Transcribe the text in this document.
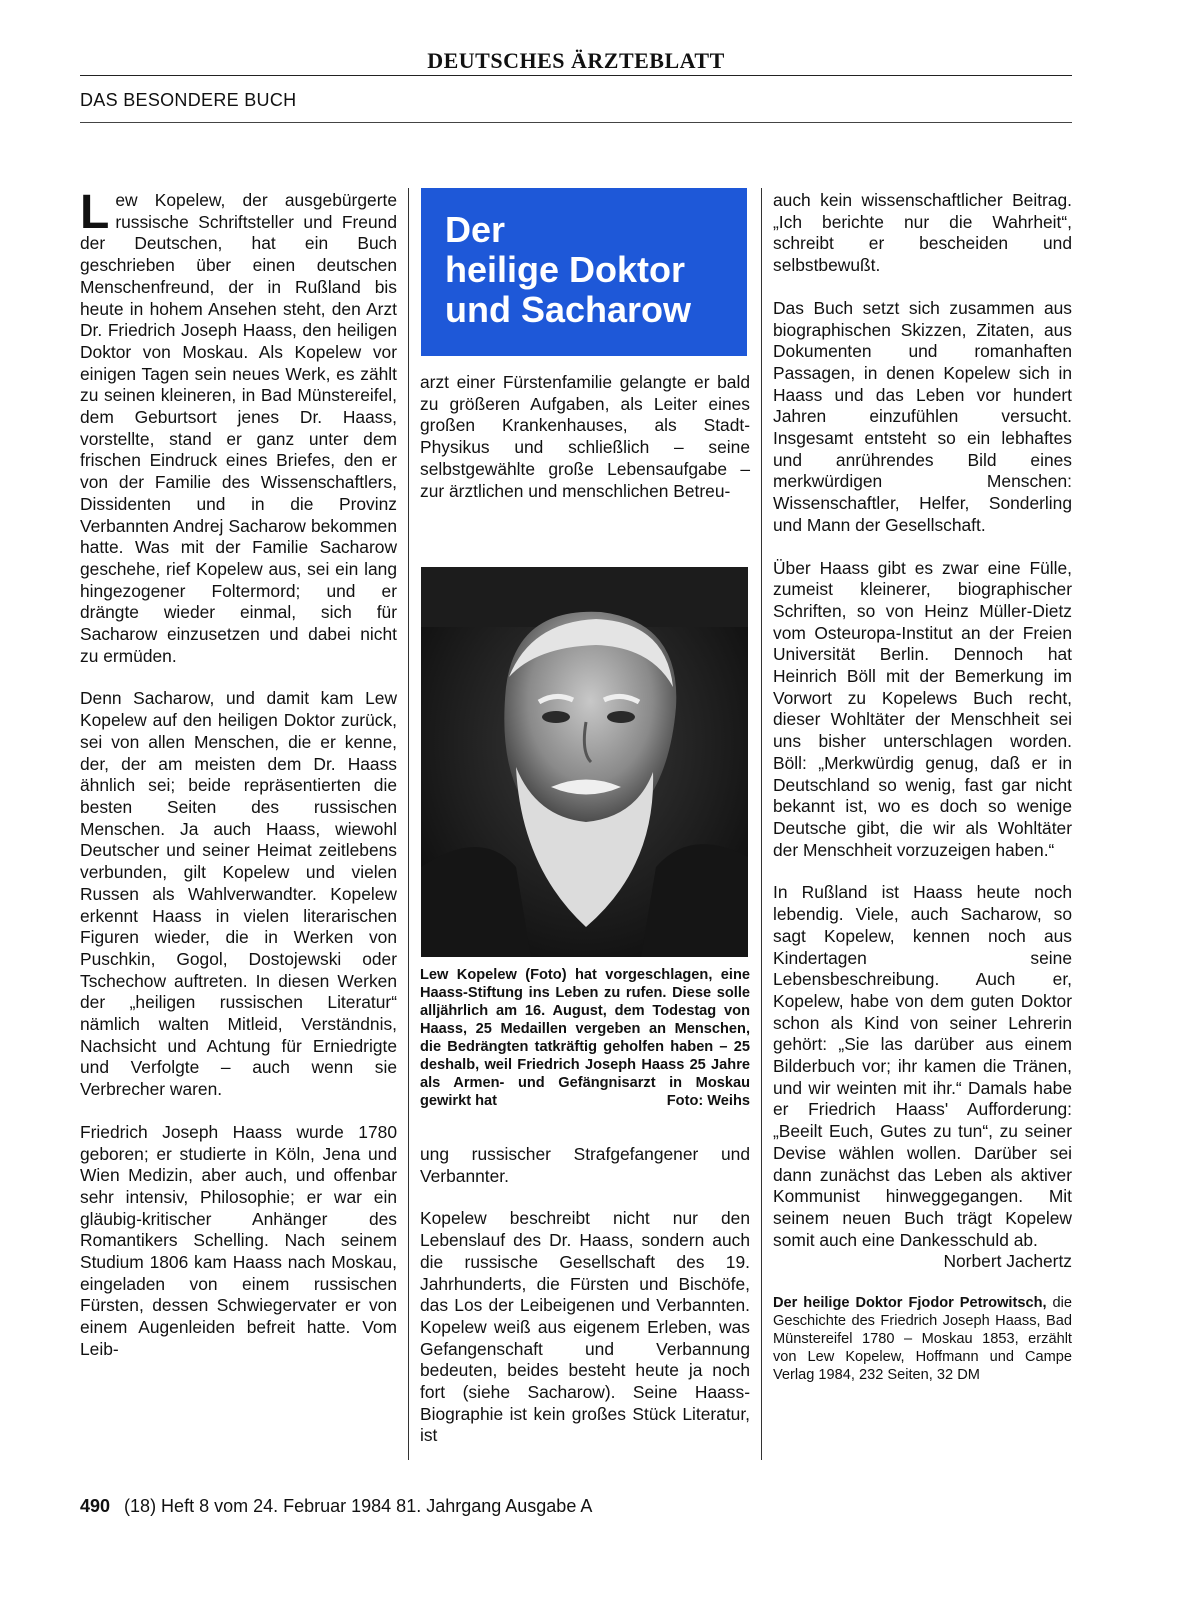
DEUTSCHES ÄRZTEBLATT
DAS BESONDERE BUCH

Lew Kopelew, der ausgebürgerte russische Schriftsteller und Freund der Deutschen, hat ein Buch geschrieben über einen deutschen Menschenfreund, der in Rußland bis heute in hohem Ansehen steht, den Arzt Dr. Friedrich Joseph Haass, den heiligen Doktor von Moskau. Als Kopelew vor einigen Tagen sein neues Werk, es zählt zu seinen kleineren, in Bad Münstereifel, dem Geburtsort jenes Dr. Haass, vorstellte, stand er ganz unter dem frischen Eindruck eines Briefes, den er von der Familie des Wissenschaftlers, Dissidenten und in die Provinz Verbannten Andrej Sacharow bekommen hatte. Was mit der Familie Sacharow geschehe, rief Kopelew aus, sei ein lang hingezogener Foltermord; und er drängte wieder einmal, sich für Sacharow einzusetzen und dabei nicht zu ermüden.

Denn Sacharow, und damit kam Lew Kopelew auf den heiligen Doktor zurück, sei von allen Menschen, die er kenne, der, der am meisten dem Dr. Haass ähnlich sei; beide repräsentierten die besten Seiten des russischen Menschen. Ja auch Haass, wiewohl Deutscher und seiner Heimat zeitlebens verbunden, gilt Kopelew und vielen Russen als Wahlverwandter. Kopelew erkennt Haass in vielen literarischen Figuren wieder, die in Werken von Puschkin, Gogol, Dostojewski oder Tschechow auftreten. In diesen Werken der „heiligen russischen Literatur“ nämlich walten Mitleid, Verständnis, Nachsicht und Achtung für Erniedrigte und Verfolgte – auch wenn sie Verbrecher waren.

Friedrich Joseph Haass wurde 1780 geboren; er studierte in Köln, Jena und Wien Medizin, aber auch, und offenbar sehr intensiv, Philosophie; er war ein gläubig-kritischer Anhänger des Romantikers Schelling. Nach seinem Studium 1806 kam Haass nach Moskau, eingeladen von einem russischen Fürsten, dessen Schwiegervater er von einem Augenleiden befreit hatte. Vom Leib-

Der
heilige Doktor
und Sacharow

arzt einer Fürstenfamilie gelangte er bald zu größeren Aufgaben, als Leiter eines großen Krankenhauses, als Stadt-Physikus und schließlich – seine selbstgewählte große Lebensaufgabe – zur ärztlichen und menschlichen Betreu-

Lew Kopelew (Foto) hat vorgeschlagen, eine Haass-Stiftung ins Leben zu rufen. Diese solle alljährlich am 16. August, dem Todestag von Haass, 25 Medaillen vergeben an Menschen, die Bedrängten tatkräftig geholfen haben – 25 deshalb, weil Friedrich Joseph Haass 25 Jahre als Armen- und Gefängnisarzt in Moskau gewirkt hat	Foto: Weihs

ung russischer Strafgefangener und Verbannter.

Kopelew beschreibt nicht nur den Lebenslauf des Dr. Haass, sondern auch die russische Gesellschaft des 19. Jahrhunderts, die Fürsten und Bischöfe, das Los der Leibeigenen und Verbannten. Kopelew weiß aus eigenem Erleben, was Gefangenschaft und Verbannung bedeuten, beides besteht heute ja noch fort (siehe Sacharow). Seine Haass-Biographie ist kein großes Stück Literatur, ist

auch kein wissenschaftlicher Beitrag. „Ich berichte nur die Wahrheit“, schreibt er bescheiden und selbstbewußt.

Das Buch setzt sich zusammen aus biographischen Skizzen, Zitaten, aus Dokumenten und romanhaften Passagen, in denen Kopelew sich in Haass und das Leben vor hundert Jahren einzufühlen versucht. Insgesamt entsteht so ein lebhaftes und anrührendes Bild eines merkwürdigen Menschen: Wissenschaftler, Helfer, Sonderling und Mann der Gesellschaft.

Über Haass gibt es zwar eine Fülle, zumeist kleinerer, biographischer Schriften, so von Heinz Müller-Dietz vom Osteuropa-Institut an der Freien Universität Berlin. Dennoch hat Heinrich Böll mit der Bemerkung im Vorwort zu Kopelews Buch recht, dieser Wohltäter der Menschheit sei uns bisher unterschlagen worden. Böll: „Merkwürdig genug, daß er in Deutschland so wenig, fast gar nicht bekannt ist, wo es doch so wenige Deutsche gibt, die wir als Wohltäter der Menschheit vorzuzeigen haben.“

In Rußland ist Haass heute noch lebendig. Viele, auch Sacharow, so sagt Kopelew, kennen noch aus Kindertagen seine Lebensbeschreibung. Auch er, Kopelew, habe von dem guten Doktor schon als Kind von seiner Lehrerin gehört: „Sie las darüber aus einem Bilderbuch vor; ihr kamen die Tränen, und wir weinten mit ihr.“ Damals habe er Friedrich Haass' Aufforderung: „Beeilt Euch, Gutes zu tun“, zu seiner Devise wählen wollen. Darüber sei dann zunächst das Leben als aktiver Kommunist hinweggegangen. Mit seinem neuen Buch trägt Kopelew somit auch eine Dankesschuld ab.

Norbert Jachertz

Der heilige Doktor Fjodor Petrowitsch, die Geschichte des Friedrich Joseph Haass, Bad Münstereifel 1780 – Moskau 1853, erzählt von Lew Kopelew, Hoffmann und Campe Verlag 1984, 232 Seiten, 32 DM
490 (18) Heft 8 vom 24. Februar 1984 81. Jahrgang Ausgabe A
